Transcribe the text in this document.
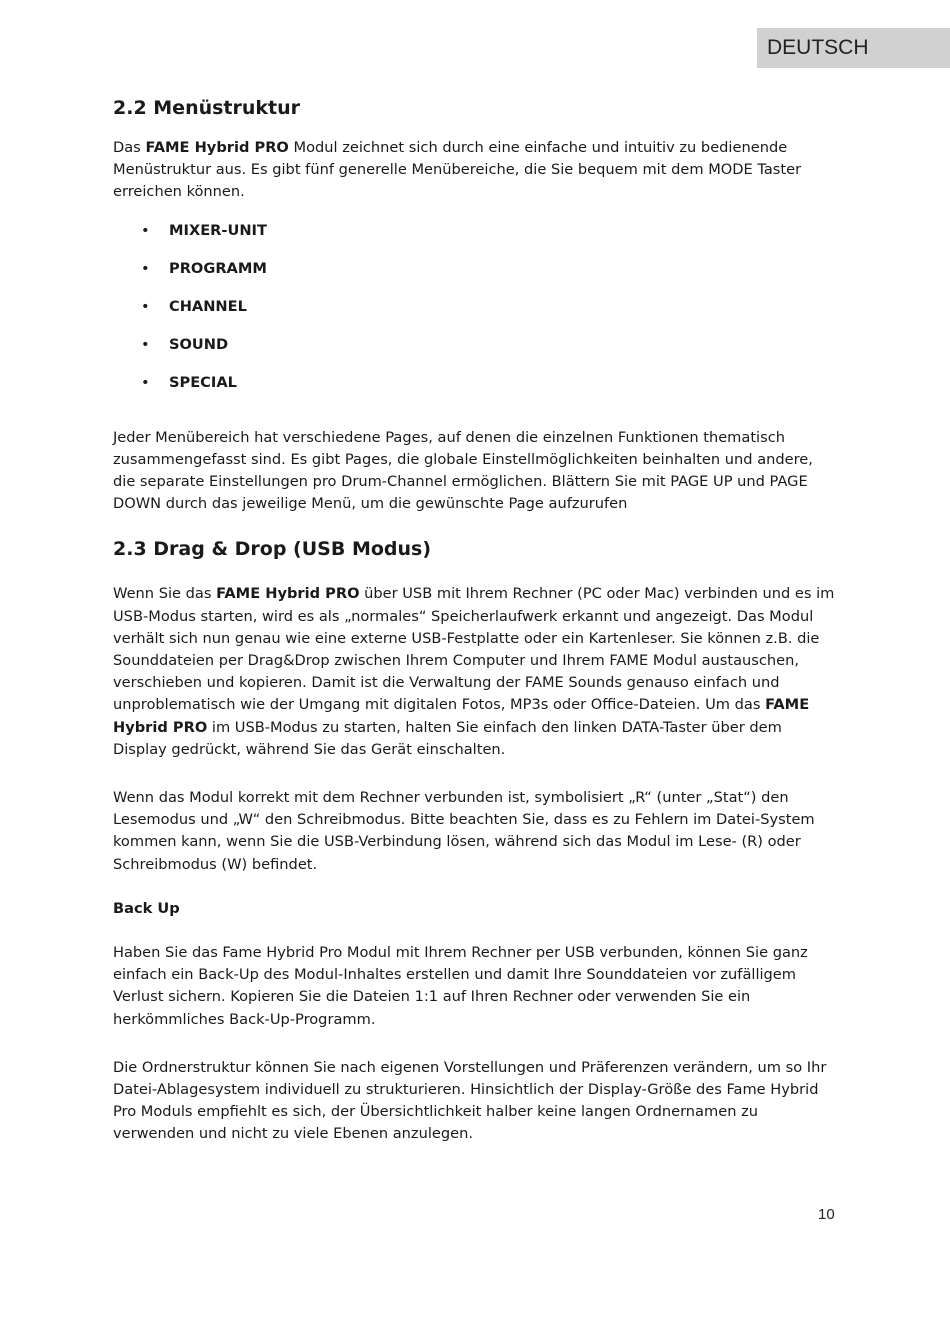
DEUTSCH
2.2 Menüstruktur

Das FAME Hybrid PRO Modul zeichnet sich durch eine einfache und intuitiv zu bedienende Menüstruktur aus. Es gibt fünf generelle Menübereiche, die Sie bequem mit dem MODE Taster erreichen können.

• MIXER-UNIT
• PROGRAMM
• CHANNEL
• SOUND
• SPECIAL

Jeder Menübereich hat verschiedene Pages, auf denen die einzelnen Funktionen thematisch zusammengefasst sind. Es gibt Pages, die globale Einstellmöglichkeiten beinhalten und andere, die separate Einstellungen pro Drum-Channel ermöglichen. Blättern Sie mit PAGE UP und PAGE DOWN durch das jeweilige Menü, um die gewünschte Page aufzurufen

2.3 Drag & Drop (USB Modus)

Wenn Sie das FAME Hybrid PRO über USB mit Ihrem Rechner (PC oder Mac) verbinden und es im USB-Modus starten, wird es als „normales“ Speicherlaufwerk erkannt und angezeigt. Das Modul verhält sich nun genau wie eine externe USB-Festplatte oder ein Kartenleser. Sie können z.B. die Sounddateien per Drag&Drop zwischen Ihrem Computer und Ihrem FAME Modul austauschen, verschieben und kopieren. Damit ist die Verwaltung der FAME Sounds genauso einfach und unproblematisch wie der Umgang mit digitalen Fotos, MP3s oder Office-Dateien. Um das FAME Hybrid PRO im USB-Modus zu starten, halten Sie einfach den linken DATA-Taster über dem Display gedrückt, während Sie das Gerät einschalten.

Wenn das Modul korrekt mit dem Rechner verbunden ist, symbolisiert „R“ (unter „Stat“) den Lesemodus und „W“ den Schreibmodus. Bitte beachten Sie, dass es zu Fehlern im Datei-System kommen kann, wenn Sie die USB-Verbindung lösen, während sich das Modul im Lese- (R) oder Schreibmodus (W) befindet.

Back Up

Haben Sie das Fame Hybrid Pro Modul mit Ihrem Rechner per USB verbunden, können Sie ganz einfach ein Back-Up des Modul-Inhaltes erstellen und damit Ihre Sounddateien vor zufälligem Verlust sichern. Kopieren Sie die Dateien 1:1 auf Ihren Rechner oder verwenden Sie ein herkömmliches Back-Up-Programm.

Die Ordnerstruktur können Sie nach eigenen Vorstellungen und Präferenzen verändern, um so Ihr Datei-Ablagesystem individuell zu strukturieren. Hinsichtlich der Display-Größe des Fame Hybrid Pro Moduls empfiehlt es sich, der Übersichtlichkeit halber keine langen Ordnernamen zu verwenden und nicht zu viele Ebenen anzulegen.

10
